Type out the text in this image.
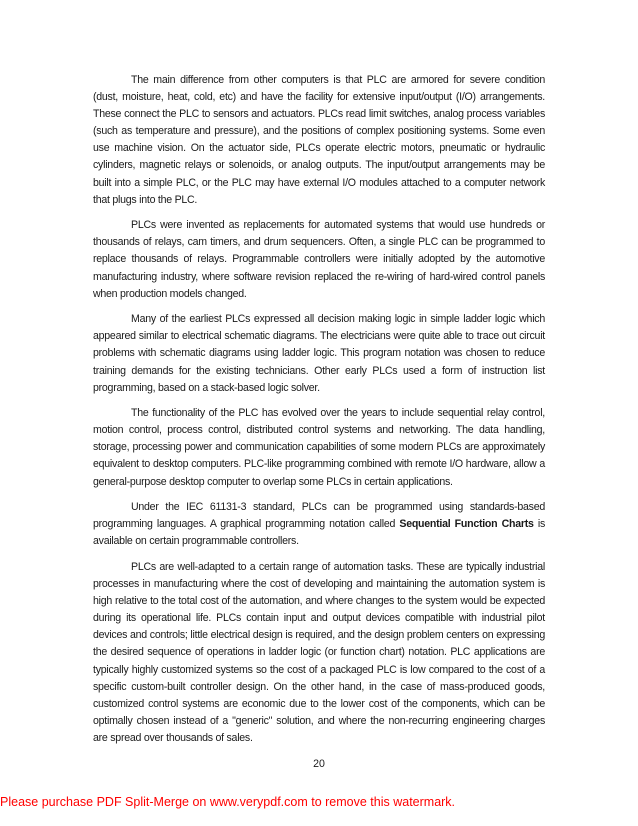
The main difference from other computers is that PLC are armored for severe condition (dust, moisture, heat, cold, etc) and have the facility for extensive input/output (I/O) arrangements. These connect the PLC to sensors and actuators. PLCs read limit switches, analog process variables (such as temperature and pressure), and the positions of complex positioning systems. Some even use machine vision. On the actuator side, PLCs operate electric motors, pneumatic or hydraulic cylinders, magnetic relays or solenoids, or analog outputs. The input/output arrangements may be built into a simple PLC, or the PLC may have external I/O modules attached to a computer network that plugs into the PLC.

PLCs were invented as replacements for automated systems that would use hundreds or thousands of relays, cam timers, and drum sequencers. Often, a single PLC can be programmed to replace thousands of relays. Programmable controllers were initially adopted by the automotive manufacturing industry, where software revision replaced the re-wiring of hard-wired control panels when production models changed.

Many of the earliest PLCs expressed all decision making logic in simple ladder logic which appeared similar to electrical schematic diagrams. The electricians were quite able to trace out circuit problems with schematic diagrams using ladder logic. This program notation was chosen to reduce training demands for the existing technicians. Other early PLCs used a form of instruction list programming, based on a stack-based logic solver.

The functionality of the PLC has evolved over the years to include sequential relay control, motion control, process control, distributed control systems and networking. The data handling, storage, processing power and communication capabilities of some modern PLCs are approximately equivalent to desktop computers. PLC-like programming combined with remote I/O hardware, allow a general-purpose desktop computer to overlap some PLCs in certain applications.

Under the IEC 61131-3 standard, PLCs can be programmed using standards-based programming languages. A graphical programming notation called Sequential Function Charts is available on certain programmable controllers.

PLCs are well-adapted to a certain range of automation tasks. These are typically industrial processes in manufacturing where the cost of developing and maintaining the automation system is high relative to the total cost of the automation, and where changes to the system would be expected during its operational life. PLCs contain input and output devices compatible with industrial pilot devices and controls; little electrical design is required, and the design problem centers on expressing the desired sequence of operations in ladder logic (or function chart) notation. PLC applications are typically highly customized systems so the cost of a packaged PLC is low compared to the cost of a specific custom-built controller design. On the other hand, in the case of mass-produced goods, customized control systems are economic due to the lower cost of the components, which can be optimally chosen instead of a "generic" solution, and where the non-recurring engineering charges are spread over thousands of sales.

20
Please purchase PDF Split-Merge on www.verypdf.com to remove this watermark.
